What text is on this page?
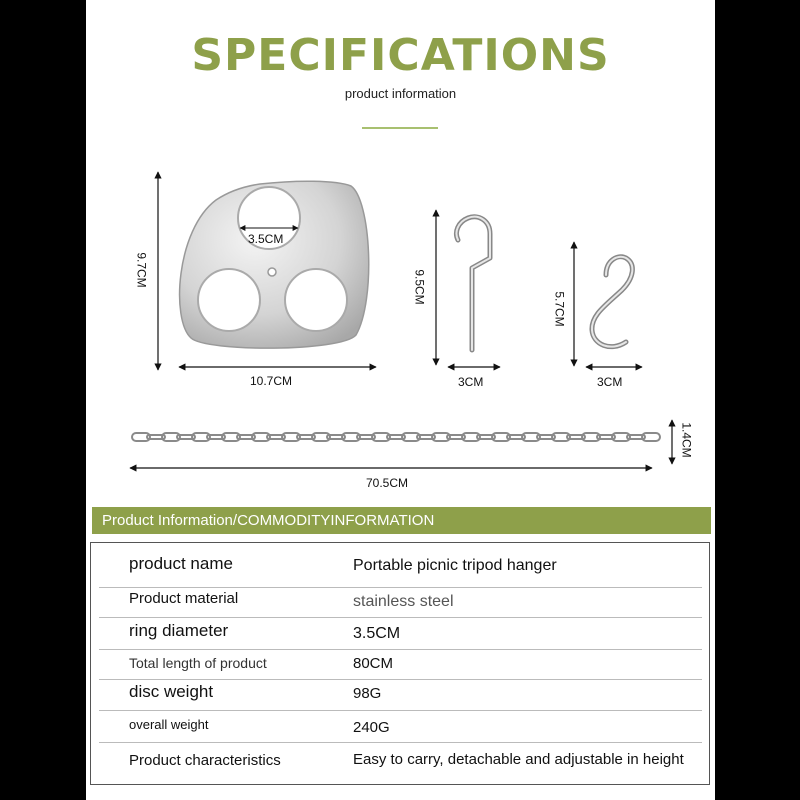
SPECIFICATIONS
product information
3.5CM
9.7CM
10.7CM
9.5CM
3CM
5.7CM
3CM
1.4CM
70.5CM
Product Information/COMMODITYINFORMATION
product name	Portable picnic tripod hanger
Product material	stainless steel
ring diameter	3.5CM
Total length of product	80CM
disc weight	98G
overall weight	240G
Product characteristics	Easy to carry, detachable and adjustable in height
